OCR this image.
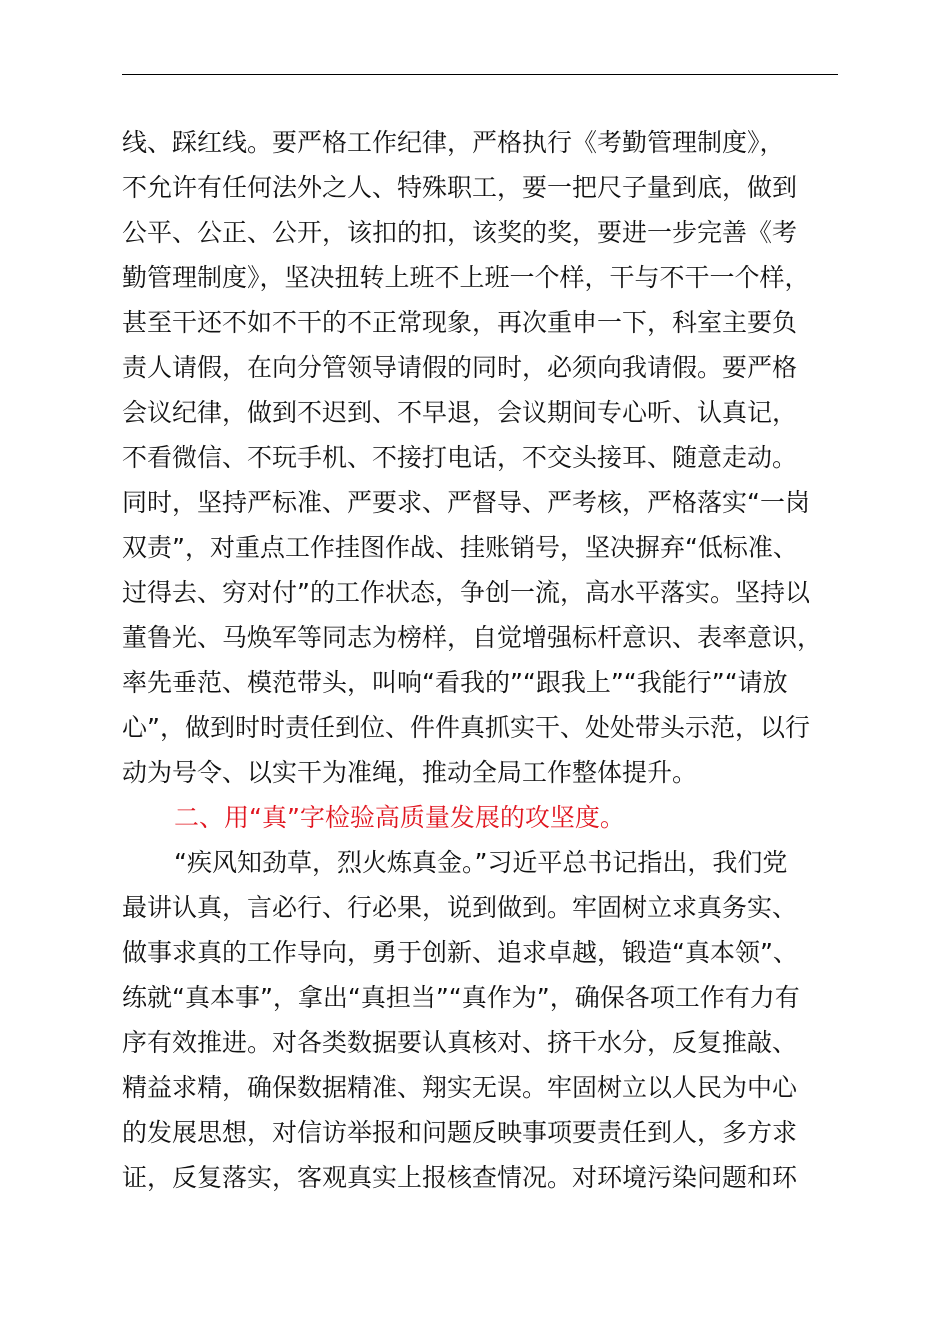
线、踩红线。要严格工作纪律，严格执行《考勤管理制度》，
不允许有任何法外之人、特殊职工，要一把尺子量到底，做到
公平、公正、公开，该扣的扣，该奖的奖，要进一步完善《考
勤管理制度》，坚决扭转上班不上班一个样，干与不干一个样，
甚至干还不如不干的不正常现象，再次重申一下，科室主要负
责人请假，在向分管领导请假的同时，必须向我请假。要严格
会议纪律，做到不迟到、不早退，会议期间专心听、认真记，
不看微信、不玩手机、不接打电话，不交头接耳、随意走动。
同时，坚持严标准、严要求、严督导、严考核，严格落实“一岗
双责”，对重点工作挂图作战、挂账销号，坚决摒弃“低标准、
过得去、穷对付”的工作状态，争创一流，高水平落实。坚持以
董鲁光、马焕军等同志为榜样，自觉增强标杆意识、表率意识，
率先垂范、模范带头，叫响“看我的”“跟我上”“我能行”“请放
心”，做到时时责任到位、件件真抓实干、处处带头示范，以行
动为号令、以实干为准绳，推动全局工作整体提升。
二、用“真”字检验高质量发展的攻坚度。
“疾风知劲草，烈火炼真金。”习近平总书记指出，我们党
最讲认真，言必行、行必果，说到做到。牢固树立求真务实、
做事求真的工作导向，勇于创新、追求卓越，锻造“真本领”、
练就“真本事”，拿出“真担当”“真作为”，确保各项工作有力有
序有效推进。对各类数据要认真核对、挤干水分，反复推敲、
精益求精，确保数据精准、翔实无误。牢固树立以人民为中心
的发展思想，对信访举报和问题反映事项要责任到人，多方求
证，反复落实，客观真实上报核查情况。对环境污染问题和环
